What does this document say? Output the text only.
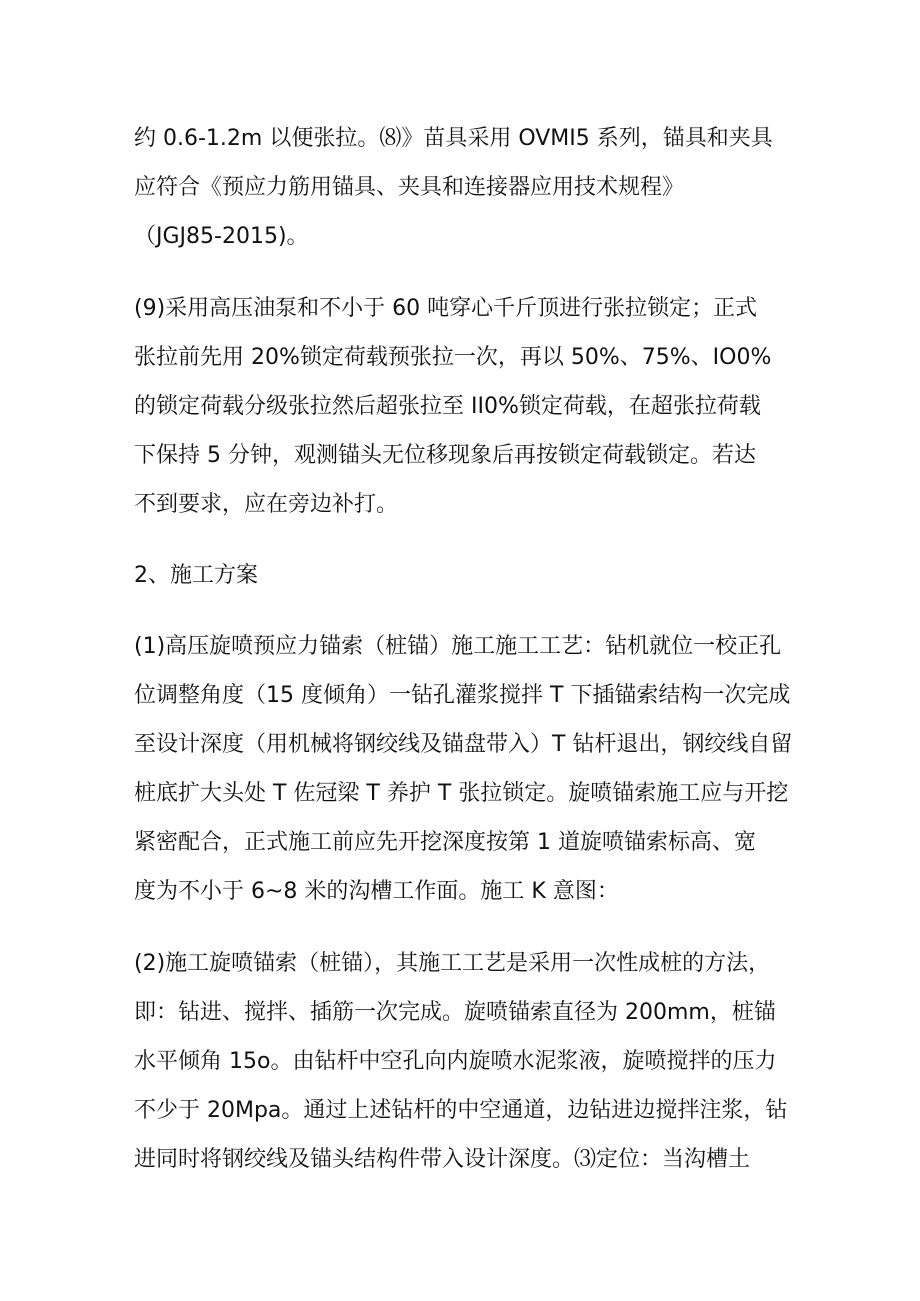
约 0.6-1.2m 以便张拉。⑻》苗具采用 OVMI5 系列，锚具和夹具
应符合《预应力筋用锚具、夹具和连接器应用技术规程》
（JGJ85-2015)。

(9)采用高压油泵和不小于 60 吨穿心千斤顶进行张拉锁定；正式
张拉前先用 20%锁定荷载预张拉一次，再以 50%、75%、IO0%
的锁定荷载分级张拉然后超张拉至 II0%锁定荷载，在超张拉荷载
下保持 5 分钟，观测锚头无位移现象后再按锁定荷载锁定。若达
不到要求，应在旁边补打。

2、施工方案

(1)高压旋喷预应力锚索（桩锚）施工施工工艺：钻机就位一校正孔
位调整角度（15 度倾角）一钻孔灌浆搅拌 T 下插锚索结构一次完成
至设计深度（用机械将钢绞线及锚盘带入）T 钻杆退出，钢绞线自留
桩底扩大头处 T 佐冠梁 T 养护 T 张拉锁定。旋喷锚索施工应与开挖
紧密配合，正式施工前应先开挖深度按第 1 道旋喷锚索标高、宽
度为不小于 6~8 米的沟槽工作面。施工 K 意图：

(2)施工旋喷锚索（桩锚），其施工工艺是采用一次性成桩的方法，
即：钻进、搅拌、插筋一次完成。旋喷锚索直径为 200mm，桩锚
水平倾角 15o。由钻杆中空孔向内旋喷水泥浆液，旋喷搅拌的压力
不少于 20Mpa。通过上述钻杆的中空通道，边钻进边搅拌注浆，钻
进同时将钢绞线及锚头结构件带入设计深度。⑶定位：当沟槽土
